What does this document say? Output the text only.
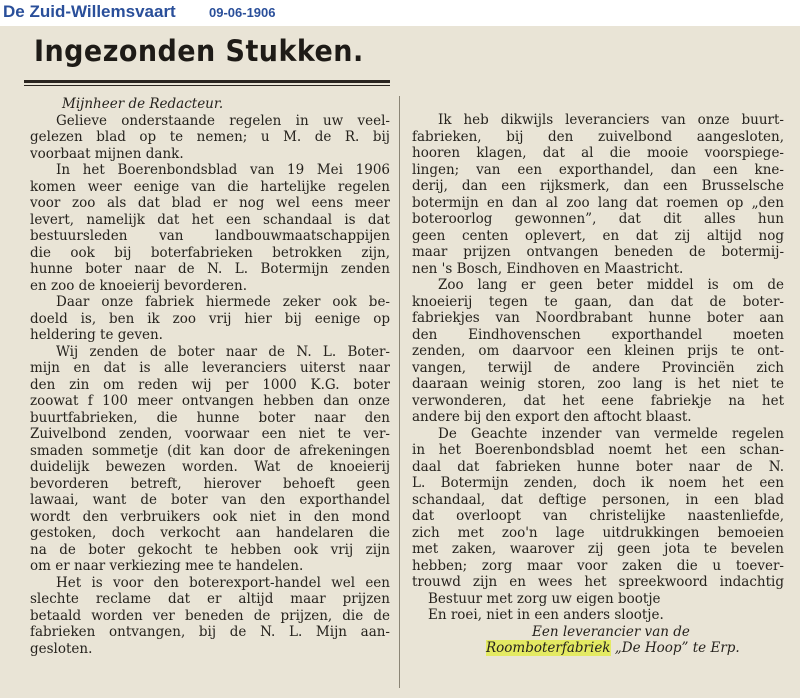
De Zuid-Willemsvaart	09-06-1906
Ingezonden Stukken.
Mijnheer de Redacteur.
Gelieve onderstaande regelen in uw veel-
gelezen blad op te nemen; u M. de R. bij
voorbaat mijnen dank.
In het Boerenbondsblad van 19 Mei 1906
komen weer eenige van die hartelijke regelen
voor zoo als dat blad er nog wel eens meer
levert, namelijk dat het een schandaal is dat
bestuursleden van landbouwmaatschappijen
die ook bij boterfabrieken betrokken zijn,
hunne boter naar de N. L. Botermijn zenden
en zoo de knoeierij bevorderen.
Daar onze fabriek hiermede zeker ook be-
doeld is, ben ik zoo vrij hier bij eenige op
heldering te geven.
Wij zenden de boter naar de N. L. Boter-
mijn en dat is alle leveranciers uiterst naar
den zin om reden wij per 1000 K.G. boter
zoowat f 100 meer ontvangen hebben dan onze
buurtfabrieken, die hunne boter naar den
Zuivelbond zenden, voorwaar een niet te ver-
smaden sommetje (dit kan door de afrekeningen
duidelijk bewezen worden. Wat de knoeierij
bevorderen betreft, hierover behoeft geen
lawaai, want de boter van den exporthandel
wordt den verbruikers ook niet in den mond
gestoken, doch verkocht aan handelaren die
na de boter gekocht te hebben ook vrij zijn
om er naar verkiezing mee te handelen.
Het is voor den boterexport-handel wel een
slechte reclame dat er altijd maar prijzen
betaald worden ver beneden de prijzen, die de
fabrieken ontvangen, bij de N. L. Mijn aan-
gesloten.
Ik heb dikwijls leveranciers van onze buurt-
fabrieken, bij den zuivelbond aangesloten,
hooren klagen, dat al die mooie voorspiege-
lingen; van een exporthandel, dan een kne-
derij, dan een rijksmerk, dan een Brusselsche
botermijn en dan al zoo lang dat roemen op „den
boteroorlog gewonnen”, dat dit alles hun
geen centen oplevert, en dat zij altijd nog
maar prijzen ontvangen beneden de botermij-
nen 's Bosch, Eindhoven en Maastricht.
Zoo lang er geen beter middel is om de
knoeierij tegen te gaan, dan dat de boter-
fabriekjes van Noordbrabant hunne boter aan
den Eindhovenschen exporthandel moeten
zenden, om daarvoor een kleinen prijs te ont-
vangen, terwijl de andere Provinciën zich
daaraan weinig storen, zoo lang is het niet te
verwonderen, dat het eene fabriekje na het
andere bij den export den aftocht blaast.
De Geachte inzender van vermelde regelen
in het Boerenbondsblad noemt het een schan-
daal dat fabrieken hunne boter naar de N.
L. Botermijn zenden, doch ik noem het een
schandaal, dat deftige personen, in een blad
dat overloopt van christelijke naastenliefde,
zich met zoo'n lage uitdrukkingen bemoeien
met zaken, waarover zij geen jota te bevelen
hebben; zorg maar voor zaken die u toever-
trouwd zijn en wees het spreekwoord indachtig
Bestuur met zorg uw eigen bootje
En roei, niet in een anders slootje.
Een leverancier van de
Roomboterfabriek „De Hoop” te Erp.
